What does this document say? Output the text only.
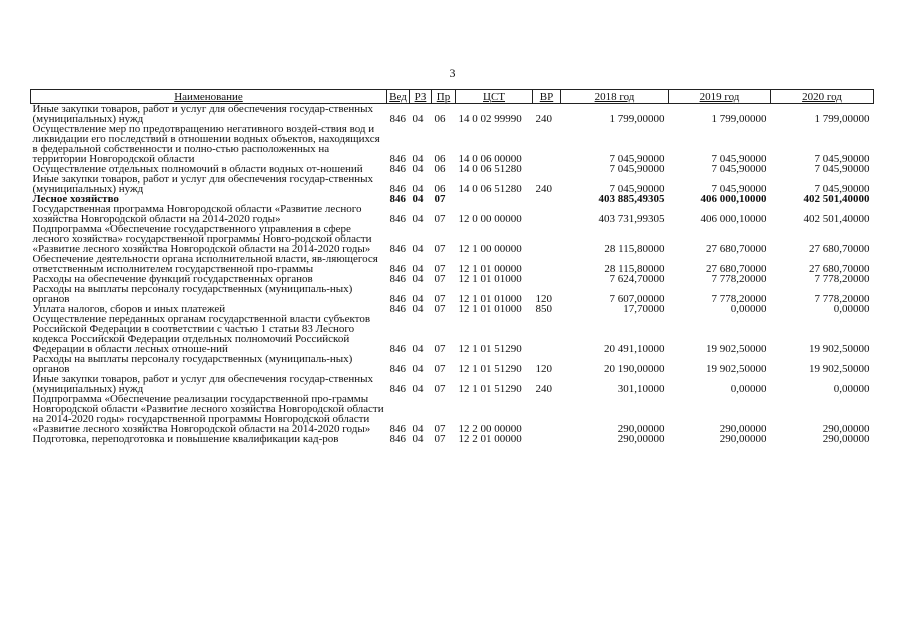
3
Наименование	Вед	РЗ	Пр	ЦСТ	ВР	2018 год	2019 год	2020 год
Иные закупки товаров, работ и услуг для обеспечения государ-ственных (муниципальных) нужд	846	04	06	14 0 02 99990	240	1 799,00000	1 799,00000	1 799,00000
Осуществление мер по предотвращению негативного воздей-ствия вод и ликвидации его последствий в отношении водных объектов, находящихся в федеральной собственности и полно-стью расположенных на территории Новгородской области	846	04	06	14 0 06 00000		7 045,90000	7 045,90000	7 045,90000
Осуществление отдельных полномочий в области водных от-ношений	846	04	06	14 0 06 51280		7 045,90000	7 045,90000	7 045,90000
Иные закупки товаров, работ и услуг для обеспечения государ-ственных (муниципальных) нужд	846	04	06	14 0 06 51280	240	7 045,90000	7 045,90000	7 045,90000
Лесное хозяйство	846	04	07			403 885,49305	406 000,10000	402 501,40000
Государственная программа Новгородской области «Развитие лесного хозяйства Новгородской области на 2014-2020 годы»	846	04	07	12 0 00 00000		403 731,99305	406 000,10000	402 501,40000
Подпрограмма «Обеспечение государственного управления в сфере лесного хозяйства» государственной программы Новго-родской области «Развитие лесного хозяйства Новгородской области на 2014-2020 годы»	846	04	07	12 1 00 00000		28 115,80000	27 680,70000	27 680,70000
Обеспечение деятельности органа исполнительной власти, яв-ляющегося ответственным исполнителем государственной про-граммы	846	04	07	12 1 01 00000		28 115,80000	27 680,70000	27 680,70000
Расходы на обеспечение функций государственных органов	846	04	07	12 1 01 01000		7 624,70000	7 778,20000	7 778,20000
Расходы на выплаты персоналу государственных (муниципаль-ных) органов	846	04	07	12 1 01 01000	120	7 607,00000	7 778,20000	7 778,20000
Уплата налогов, сборов и иных платежей	846	04	07	12 1 01 01000	850	17,70000	0,00000	0,00000
Осуществление переданных органам государственной власти субъектов Российской Федерации в соответствии с частью 1 статьи 83 Лесного кодекса Российской Федерации отдельных полномочий Российской Федерации в области лесных отноше-ний	846	04	07	12 1 01 51290		20 491,10000	19 902,50000	19 902,50000
Расходы на выплаты персоналу государственных (муниципаль-ных) органов	846	04	07	12 1 01 51290	120	20 190,00000	19 902,50000	19 902,50000
Иные закупки товаров, работ и услуг для обеспечения государ-ственных (муниципальных) нужд	846	04	07	12 1 01 51290	240	301,10000	0,00000	0,00000
Подпрограмма «Обеспечение реализации государственной про-граммы Новгородской области «Развитие лесного хозяйства Новгородской области на 2014-2020 годы» государственной программы Новгородской области «Развитие лесного хозяйства Новгородской области на 2014-2020 годы»	846	04	07	12 2 00 00000		290,00000	290,00000	290,00000
Подготовка, переподготовка и повышение квалификации кад-ров	846	04	07	12 2 01 00000		290,00000	290,00000	290,00000
